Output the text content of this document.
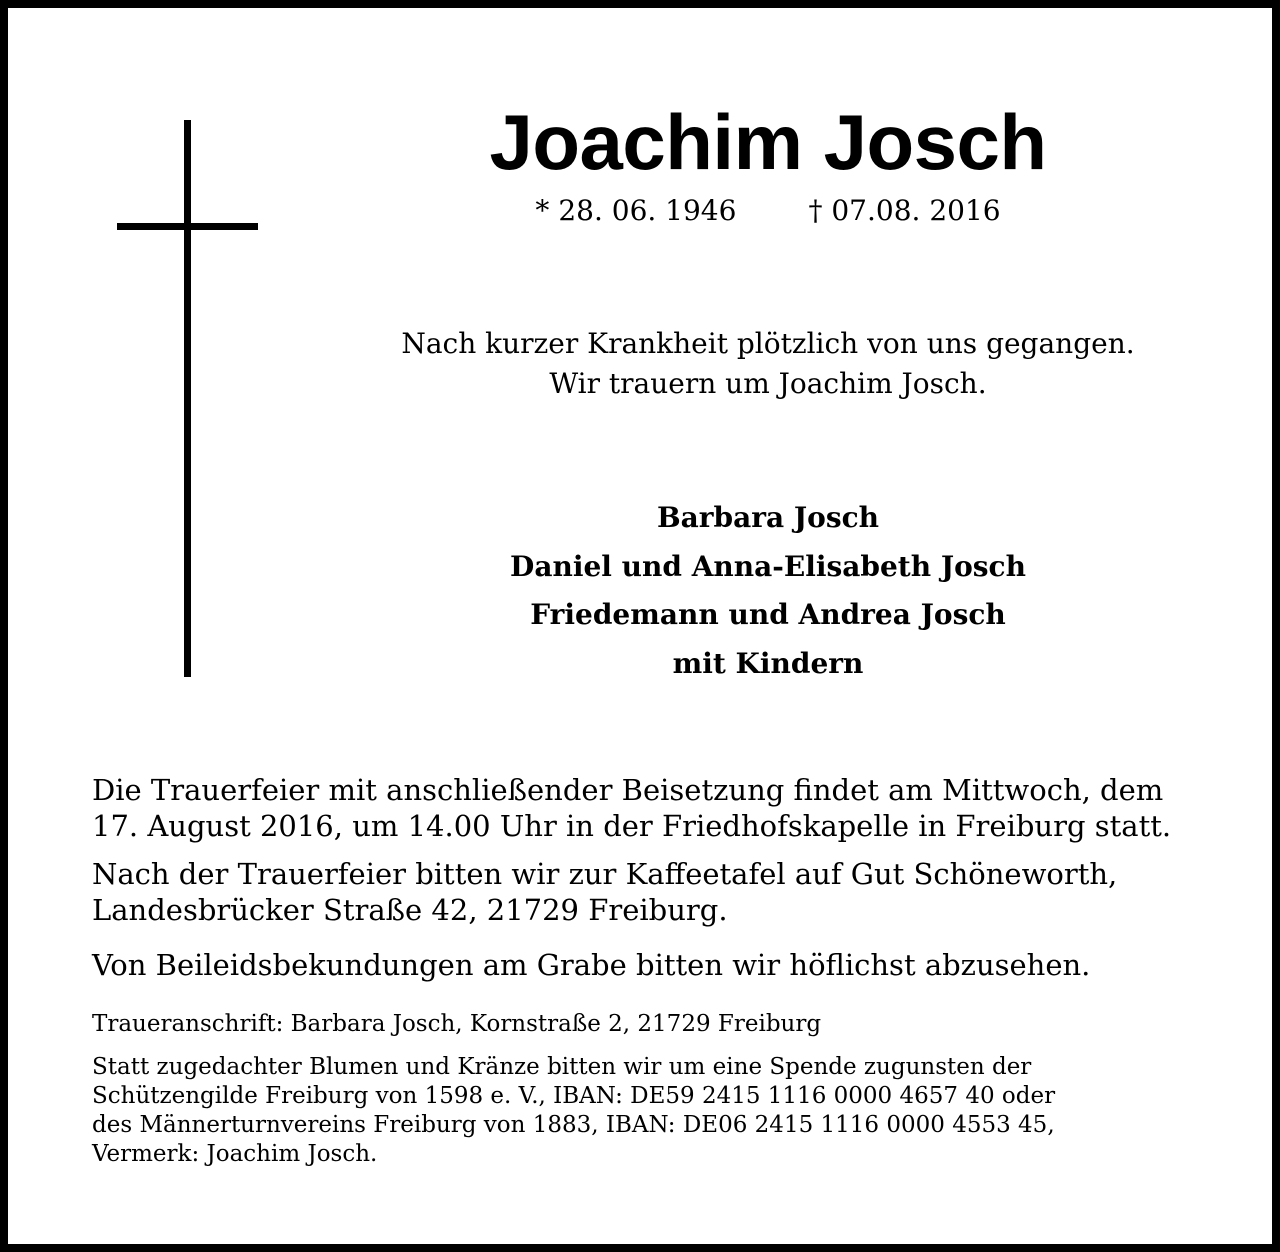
Joachim Josch
* 28. 06. 1946	† 07.08. 2016
Nach kurzer Krankheit plötzlich von uns gegangen.
Wir trauern um Joachim Josch.
Barbara Josch
Daniel und Anna-Elisabeth Josch
Friedemann und Andrea Josch
mit Kindern

Die Trauerfeier mit anschließender Beisetzung findet am Mittwoch, dem
17. August 2016, um 14.00 Uhr in der Friedhofskapelle in Freiburg statt.

Nach der Trauerfeier bitten wir zur Kaffeetafel auf Gut Schöneworth,
Landesbrücker Straße 42, 21729 Freiburg.

Von Beileidsbekundungen am Grabe bitten wir höflichst abzusehen.

Traueranschrift: Barbara Josch, Kornstraße 2, 21729 Freiburg

Statt zugedachter Blumen und Kränze bitten wir um eine Spende zugunsten der
Schützengilde Freiburg von 1598 e. V., IBAN: DE59 2415 1116 0000 4657 40 oder
des Männerturnvereins Freiburg von 1883, IBAN: DE06 2415 1116 0000 4553 45,
Vermerk: Joachim Josch.
